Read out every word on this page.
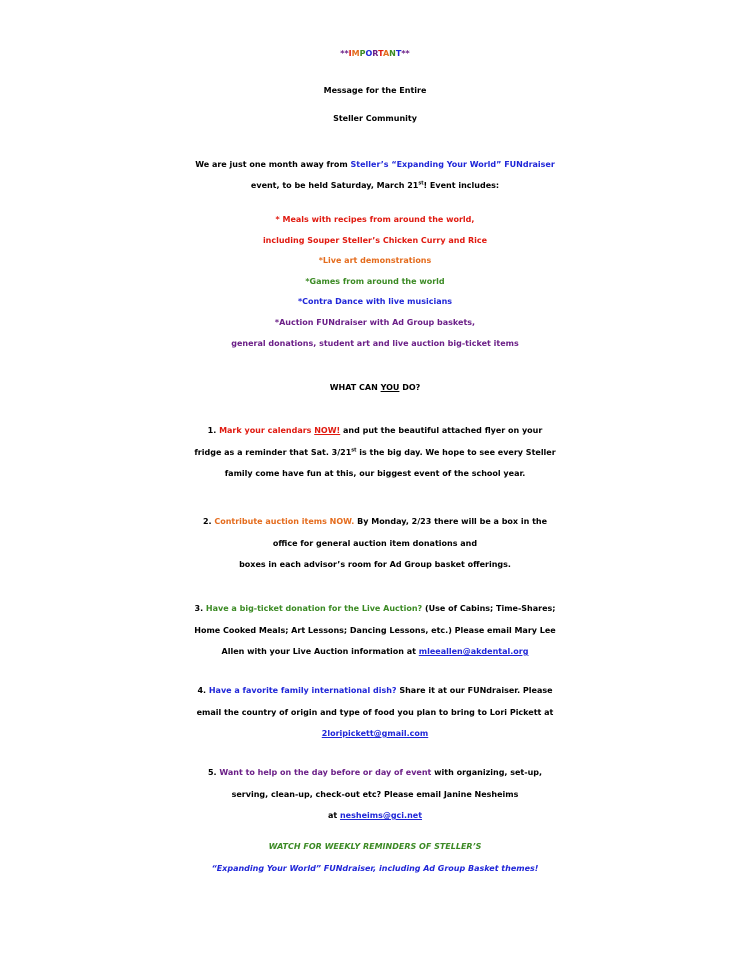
**IMPORTANT**
Message for the Entire
Steller Community
We are just one month away from Steller’s “Expanding Your World” FUNdraiser
event, to be held Saturday, March 21st! Event includes:
* Meals with recipes from around the world,
including Souper Steller’s Chicken Curry and Rice
*Live art demonstrations
*Games from around the world
*Contra Dance with live musicians
*Auction FUNdraiser with Ad Group baskets,
general donations, student art and live auction big-ticket items
WHAT CAN YOU DO?
1. Mark your calendars NOW! and put the beautiful attached flyer on your
fridge as a reminder that Sat. 3/21st is the big day. We hope to see every Steller
family come have fun at this, our biggest event of the school year.
2. Contribute auction items NOW. By Monday, 2/23 there will be a box in the
office for general auction item donations and
boxes in each advisor’s room for Ad Group basket offerings.
3. Have a big-ticket donation for the Live Auction? (Use of Cabins; Time-Shares;
Home Cooked Meals; Art Lessons; Dancing Lessons, etc.) Please email Mary Lee
Allen with your Live Auction information at mleeallen@akdental.org
4. Have a favorite family international dish? Share it at our FUNdraiser. Please
email the country of origin and type of food you plan to bring to Lori Pickett at
2loripickett@gmail.com
5. Want to help on the day before or day of event with organizing, set-up,
serving, clean-up, check-out etc? Please email Janine Nesheims
at nesheims@gci.net
WATCH FOR WEEKLY REMINDERS OF STELLER’S
“Expanding Your World” FUNdraiser, including Ad Group Basket themes!
